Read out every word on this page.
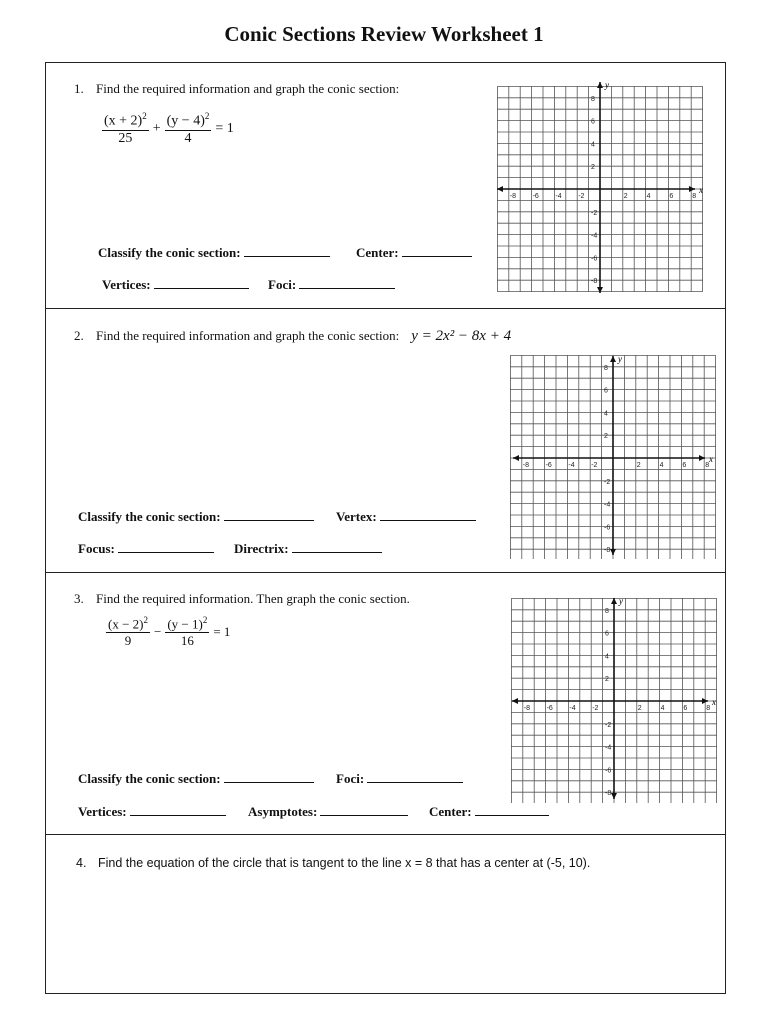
Conic Sections Review Worksheet 1
1. Find the required information and graph the conic section:
$\frac{(x + 2)^2}{25} + \frac{(y - 4)^2}{4} = 1$
Classify the conic section:	Center:
Vertices:	Foci:
x
y
-8 -6 -4 -2	2	4	6	8
8
6
4
2
-2
-4
-6
-8
2. Find the required information and graph the conic section: y = 2x² − 8x + 4
Classify the conic section:	Vertex:
Focus:	Directrix:
x
y
-8 -6 -4 -2	2	4	6	8
8
6
4
2
-2
-4
-6
-8
3. Find the required information. Then graph the conic section.
$\frac{(x - 2)^2}{9} - \frac{(y - 1)^2}{16} = 1$
Classify the conic section:	Foci:
Vertices:	Asymptotes:	Center:
x
y
-8 -6 -4 -2	2	4	6	8
8
6
4
2
-2
-4
-6
-8
4. Find the equation of the circle that is tangent to the line x = 8 that has a center at (-5, 10).
